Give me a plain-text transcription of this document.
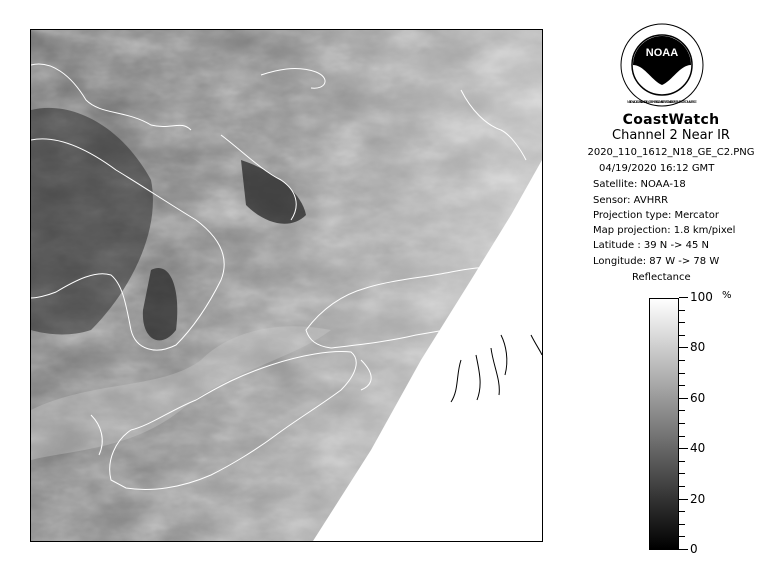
NOAA
NATIONAL OCEANIC AND ATMOSPHERIC ADMINISTRATION · U.S. DEPARTMENT OF COMMERCE
CoastWatch
Channel 2 Near IR
2020_110_1612_N18_GE_C2.PNG
04/19/2020 16:12 GMT
Satellite: NOAA-18
Sensor: AVHRR
Projection type: Mercator
Map projection: 1.8 km/pixel
Latitude : 39 N -> 45 N
Longitude: 87 W -> 78 W
Reflectance
%
100
80
60
40
20
0
